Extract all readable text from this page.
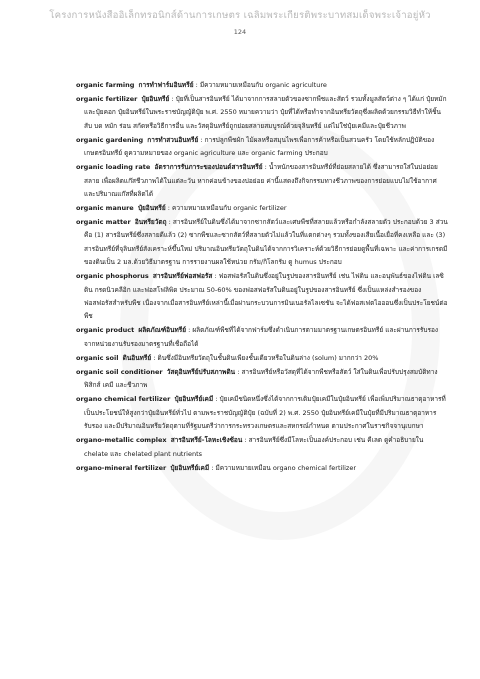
โครงการหนังสืออิเล็กทรอนิกส์ด้านการเกษตร เฉลิมพระเกียรติพระบาทสมเด็จพระเจ้าอยู่หัว
124

organic farming การทำฟาร์มอินทรีย์ : มีความหมายเหมือนกับ organic agriculture

organic fertilizer ปุ๋ยอินทรีย์ : ปุ๋ยที่เป็นสารอินทรีย์ ได้มาจากการสลายตัวของซากพืชและสัตว์ รวมทั้งมูลสัตว์ต่าง ๆ ได้แก่ ปุ๋ยหมักและปุ๋ยคอก ปุ๋ยอินทรีย์ในพระราชบัญญัติปุ๋ย พ.ศ. 2550 หมายความว่า ปุ๋ยที่ได้หรือทำจากอินทรียวัตถุซึ่งผลิตด้วยกรรมวิธีทำให้ชิ้น สับ บด หมัก ร่อน สกัดหรือวิธีการอื่น และวัสดุอินทรีย์ถูกย่อยสลายสมบูรณ์ด้วยจุลินทรีย์ แต่ไม่ใช่ปุ๋ยเคมีและปุ๋ยชีวภาพ

organic gardening การทำสวนอินทรีย์ : การปลูกพืชผัก ไม้ผลหรือสมุนไพรเพื่อการค้าหรือเป็นสวนครัว โดยใช้หลักปฏิบัติของเกษตรอินทรีย์ ดูความหมายของ organic agriculture และ organic farming ประกอบ

organic loading rate อัตราการรับภาระของปอนด์สารอินทรีย์ : น้ำหนักของสารอินทรีย์ที่ย่อยสลายได้ ซึ่งสามารถใส่ในบ่อย่อยสลาย เพื่อผลิตแก๊สชีวภาพได้ในแต่ละวัน หากค่อนข้างของบ่อย่อย ค่านี้แสดงถึงกิจกรรมทางชีวภาพของการย่อยแบบไม่ใช้อากาศ และปริมาณแก๊สที่ผลิตได้

organic manure ปุ๋ยอินทรีย์ : ความหมายเหมือนกับ organic fertilizer

organic matter อินทรียวัตถุ : สารอินทรีย์ในดินซึ่งได้มาจากซากสัตว์และเศษพืชที่สลายแล้วหรือกำลังสลายตัว ประกอบด้วย 3 ส่วน คือ (1) สารอินทรีย์ซึ่งสลายดีแล้ว (2) ซากพืชและซากสัตว์ที่สลายตัวไม่แล้วในที่แตกต่างๆ รวมทั้งของเสียเนื้อเยื่อที่คงเหลือ และ (3) สารอินทรีย์ที่จุลินทรีย์สังเคราะห์ขึ้นใหม่ ปริมาณอินทรียวัตถุในดินได้จากการวิเคราะห์ด้วยวิธีการย่อยดูพื้นที่เฉพาะ และค่าการเกรดมีของดินเป็น 2 มล.ด้วยวิธีมาตรฐาน การรายงานผลใช้หน่วย กรัม/กิโลกรัม ดู humus ประกอบ

organic phosphorus สารอินทรีย์ฟอสฟอรัส : ฟอสฟอรัสในดินซึ่งอยู่ในรูปของสารอินทรีย์ เช่น ไฟติน และอนุพันธ์ของไฟติน เลซิติน กรดนิวคลีอิก และฟอสโฟลิพิด ประมาณ 50-60% ของฟอสฟอรัสในดินอยู่ในรูปของสารอินทรีย์ ซึ่งเป็นแหล่งสำรองของฟอสฟอรัสสำหรับพืช เนื่องจากเมื่อสารอินทรีย์เหล่านี้เมื่อผ่านกระบวนการมินเนอรัลไลเซชัน จะได้ฟอสเฟตไอออนซึ่งเป็นประโยชน์ต่อพืช

organic product ผลิตภัณฑ์อินทรีย์ : ผลิตภัณฑ์พืชที่ได้จากฟาร์มซึ่งดำเนินการตามมาตรฐานเกษตรอินทรีย์ และผ่านการรับรองจากหน่วยงานรับรองมาตรฐานที่เชื่อถือได้

organic soil ดินอินทรีย์ : ดินซึ่งมีอินทรียวัตถุในชั้นดินเพียงชั้นเดียวหรือในดินล่าง (solum) มากกว่า 20%

organic soil conditioner วัสดุอินทรีย์ปรับสภาพดิน : สารอินทรีย์หรือวัสดุที่ได้จากพืชหรือสัตว์ ใส่ในดินเพื่อปรับปรุงสมบัติทางฟิสิกส์ เคมี และชีวภาพ

organo chemical fertilizer ปุ๋ยอินทรีย์เคมี : ปุ๋ยเคมีชนิดหนึ่งซึ่งได้จากการเติมปุ๋ยเคมีในปุ๋ยอินทรีย์ เพื่อเพิ่มปริมาณธาตุอาหารที่เป็นประโยชน์ให้สูงกว่าปุ๋ยอินทรีย์ทั่วไป ตามพระราชบัญญัติปุ๋ย (ฉบับที่ 2) พ.ศ. 2550 ปุ๋ยอินทรีย์เคมีในปุ๋ยที่มีปริมาณธาตุอาหารรับรอง และมีปริมาณอินทรียวัตถุตามที่รัฐมนตรีว่าการกระทรวงเกษตรและสหกรณ์กำหนด ตามประกาศในราชกิจจานุเบกษา

organo-metallic complex สารอินทรีย์-โลหะเชิงซ้อน : สารอินทรีย์ซึ่งมีโลหะเป็นองค์ประกอบ เช่น คีเลต ดูคำอธิบายใน chelate และ chelated plant nutrients

organo-mineral fertilizer ปุ๋ยอินทรีย์เคมี : มีความหมายเหมือน organo chemical fertilizer
